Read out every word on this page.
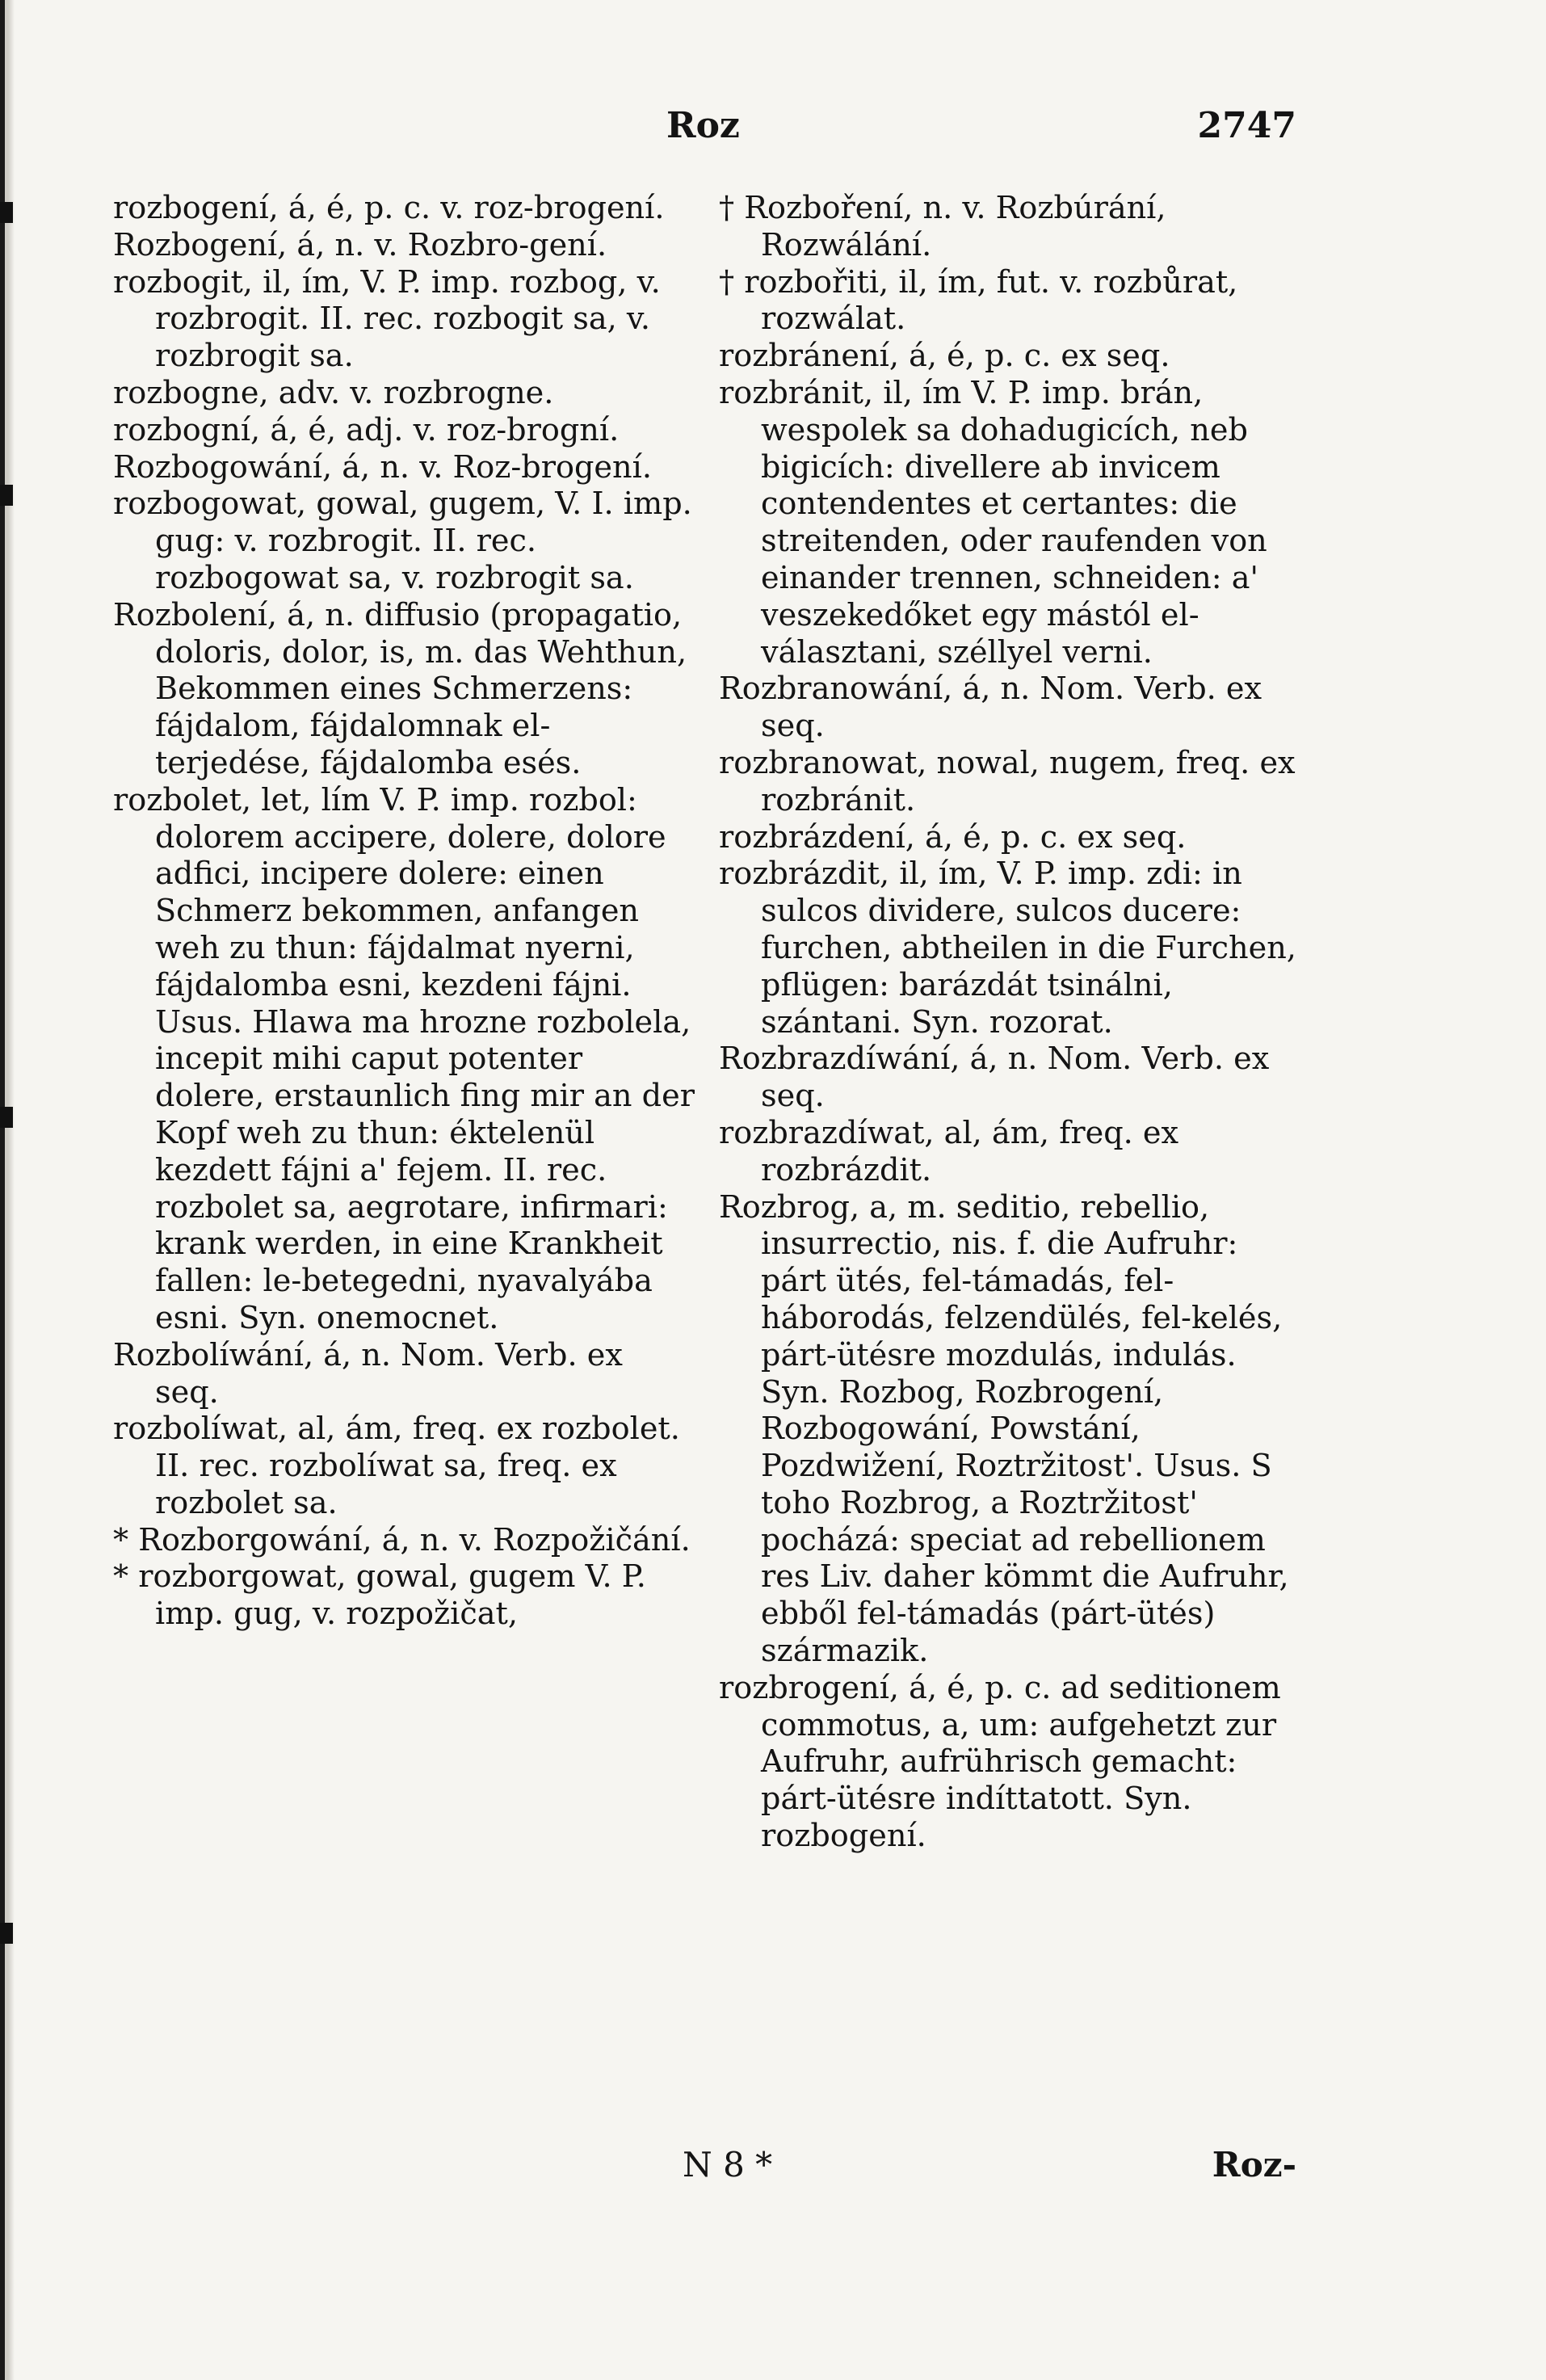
Roz	2747

rozbogení, á, é, p. c. v. roz-brogení.

Rozbogení, á, n. v. Rozbro-gení.

rozbogit, il, ím, V. P. imp. rozbog, v. rozbrogit. II. rec. rozbogit sa, v. rozbrogit sa.

rozbogne, adv. v. rozbrogne.

rozbogní, á, é, adj. v. roz-brogní.

Rozbogowání, á, n. v. Roz-brogení.

rozbogowat, gowal, gugem, V. I. imp. gug: v. rozbrogit. II. rec. rozbogowat sa, v. rozbrogit sa.

Rozbolení, á, n. diffusio (propagatio, doloris, dolor, is, m. das Wehthun, Bekommen eines Schmerzens: fájdalom, fájdalomnak el-terjedése, fájdalomba esés.

rozbolet, let, lím V. P. imp. rozbol: dolorem accipere, dolere, dolore adfici, incipere dolere: einen Schmerz bekommen, anfangen weh zu thun: fájdalmat nyerni, fájdalomba esni, kezdeni fájni. Usus. Hlawa ma hrozne rozbolela, incepit mihi caput potenter dolere, erstaunlich fing mir an der Kopf weh zu thun: éktelenül kezdett fájni a' fejem. II. rec. rozbolet sa, aegrotare, infirmari: krank werden, in eine Krankheit fallen: le-betegedni, nyavalyába esni. Syn. onemocnet.

Rozbolíwání, á, n. Nom. Verb. ex seq.

rozbolíwat, al, ám, freq. ex rozbolet. II. rec. rozbolíwat sa, freq. ex rozbolet sa.

* Rozborgowání, á, n. v. Rozpožičání.

* rozborgowat, gowal, gugem V. P. imp. gug, v. rozpožičat,

† Rozboření, n. v. Rozbúrání, Rozwálání.

† rozbořiti, il, ím, fut. v. rozbůrat, rozwálat.

rozbránení, á, é, p. c. ex seq.

rozbránit, il, ím V. P. imp. brán, wespolek sa dohadugicích, neb bigicích: divellere ab invicem contendentes et certantes: die streitenden, oder raufenden von einander trennen, schneiden: a' veszekedőket egy mástól el-választani, széllyel verni.

Rozbranowání, á, n. Nom. Verb. ex seq.

rozbranowat, nowal, nugem, freq. ex rozbránit.

rozbrázdení, á, é, p. c. ex seq.

rozbrázdit, il, ím, V. P. imp. zdi: in sulcos dividere, sulcos ducere: furchen, abtheilen in die Furchen, pflügen: barázdát tsinálni, szántani. Syn. rozorat.

Rozbrazdíwání, á, n. Nom. Verb. ex seq.

rozbrazdíwat, al, ám, freq. ex rozbrázdit.

Rozbrog, a, m. seditio, rebellio, insurrectio, nis. f. die Aufruhr: párt ütés, fel-támadás, fel-háborodás, felzendülés, fel-kelés, párt-ütésre mozdulás, indulás. Syn. Rozbog, Rozbrogení, Rozbogowání, Powstání, Pozdwižení, Roztržitost'. Usus. S toho Rozbrog, a Roztržitost' pocházá: speciat ad rebellionem res Liv. daher kömmt die Aufruhr, ebből fel-támadás (párt-ütés) származik.

rozbrogení, á, é, p. c. ad seditionem commotus, a, um: aufgehetzt zur Aufruhr, aufrührisch gemacht: párt-ütésre indíttatott. Syn. rozbogení.

N 8 *	Roz-
